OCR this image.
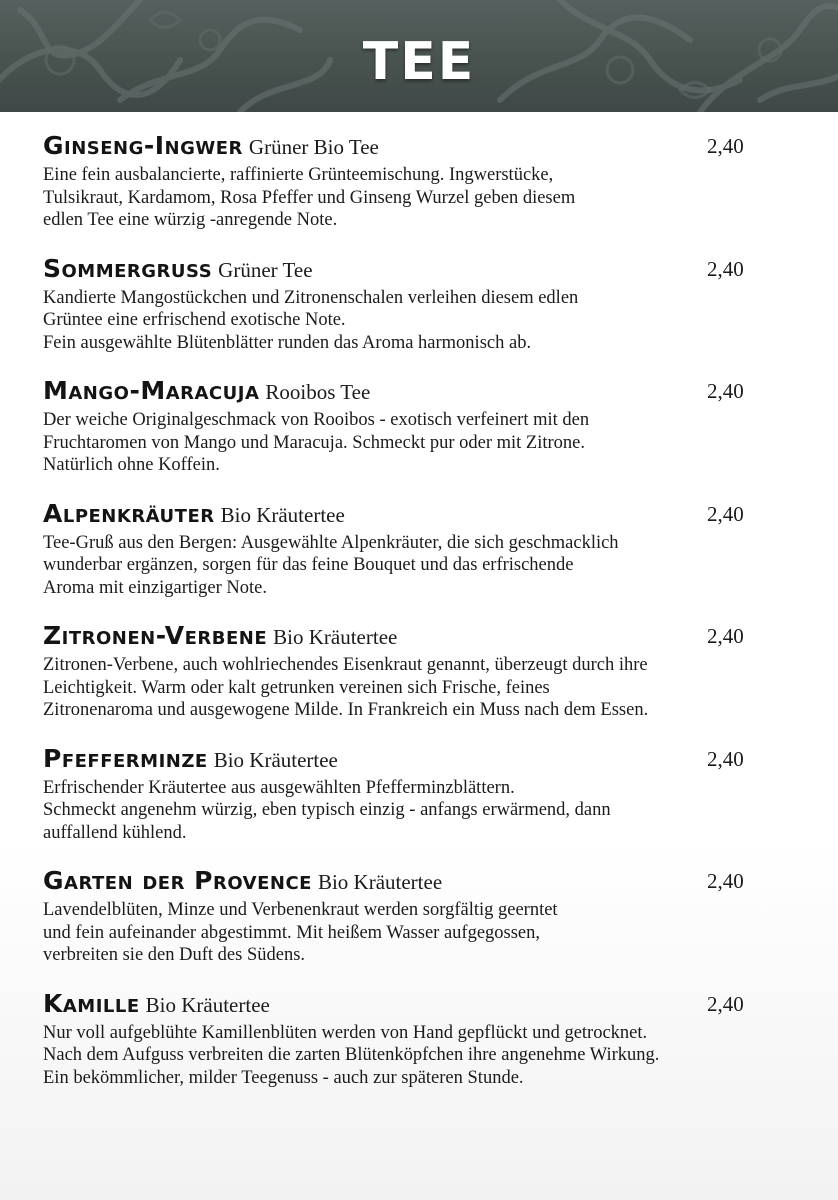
TEE
Ginseng-Ingwer Grüner Bio Tee	2,40
Eine fein ausbalancierte, raffinierte Grünteemischung. Ingwerstücke,
Tulsikraut, Kardamom, Rosa Pfeffer und Ginseng Wurzel geben diesem
edlen Tee eine würzig -anregende Note.
Sommergruss Grüner Tee	2,40
Kandierte Mangostückchen und Zitronenschalen verleihen diesem edlen
Grüntee eine erfrischend exotische Note.
Fein ausgewählte Blütenblätter runden das Aroma harmonisch ab.
Mango-Maracuja Rooibos Tee	2,40
Der weiche Originalgeschmack von Rooibos - exotisch verfeinert mit den
Fruchtaromen von Mango und Maracuja. Schmeckt pur oder mit Zitrone.
Natürlich ohne Koffein.
Alpenkräuter Bio Kräutertee	2,40
Tee-Gruß aus den Bergen: Ausgewählte Alpenkräuter, die sich geschmacklich
wunderbar ergänzen, sorgen für das feine Bouquet und das erfrischende
Aroma mit einzigartiger Note.
Zitronen-Verbene Bio Kräutertee	2,40
Zitronen-Verbene, auch wohlriechendes Eisenkraut genannt, überzeugt durch ihre
Leichtigkeit. Warm oder kalt getrunken vereinen sich Frische, feines
Zitronenaroma und ausgewogene Milde. In Frankreich ein Muss nach dem Essen.
Pfefferminze Bio Kräutertee	2,40
Erfrischender Kräutertee aus ausgewählten Pfefferminzblättern.
Schmeckt angenehm würzig, eben typisch einzig - anfangs erwärmend, dann
auffallend kühlend.
Garten der Provence Bio Kräutertee	2,40
Lavendelblüten, Minze und Verbenenkraut werden sorgfältig geerntet
und fein aufeinander abgestimmt. Mit heißem Wasser aufgegossen,
verbreiten sie den Duft des Südens.
Kamille Bio Kräutertee	2,40
Nur voll aufgeblühte Kamillenblüten werden von Hand gepflückt und getrocknet.
Nach dem Aufguss verbreiten die zarten Blütenköpfchen ihre angenehme Wirkung.
Ein bekömmlicher, milder Teegenuss - auch zur späteren Stunde.
